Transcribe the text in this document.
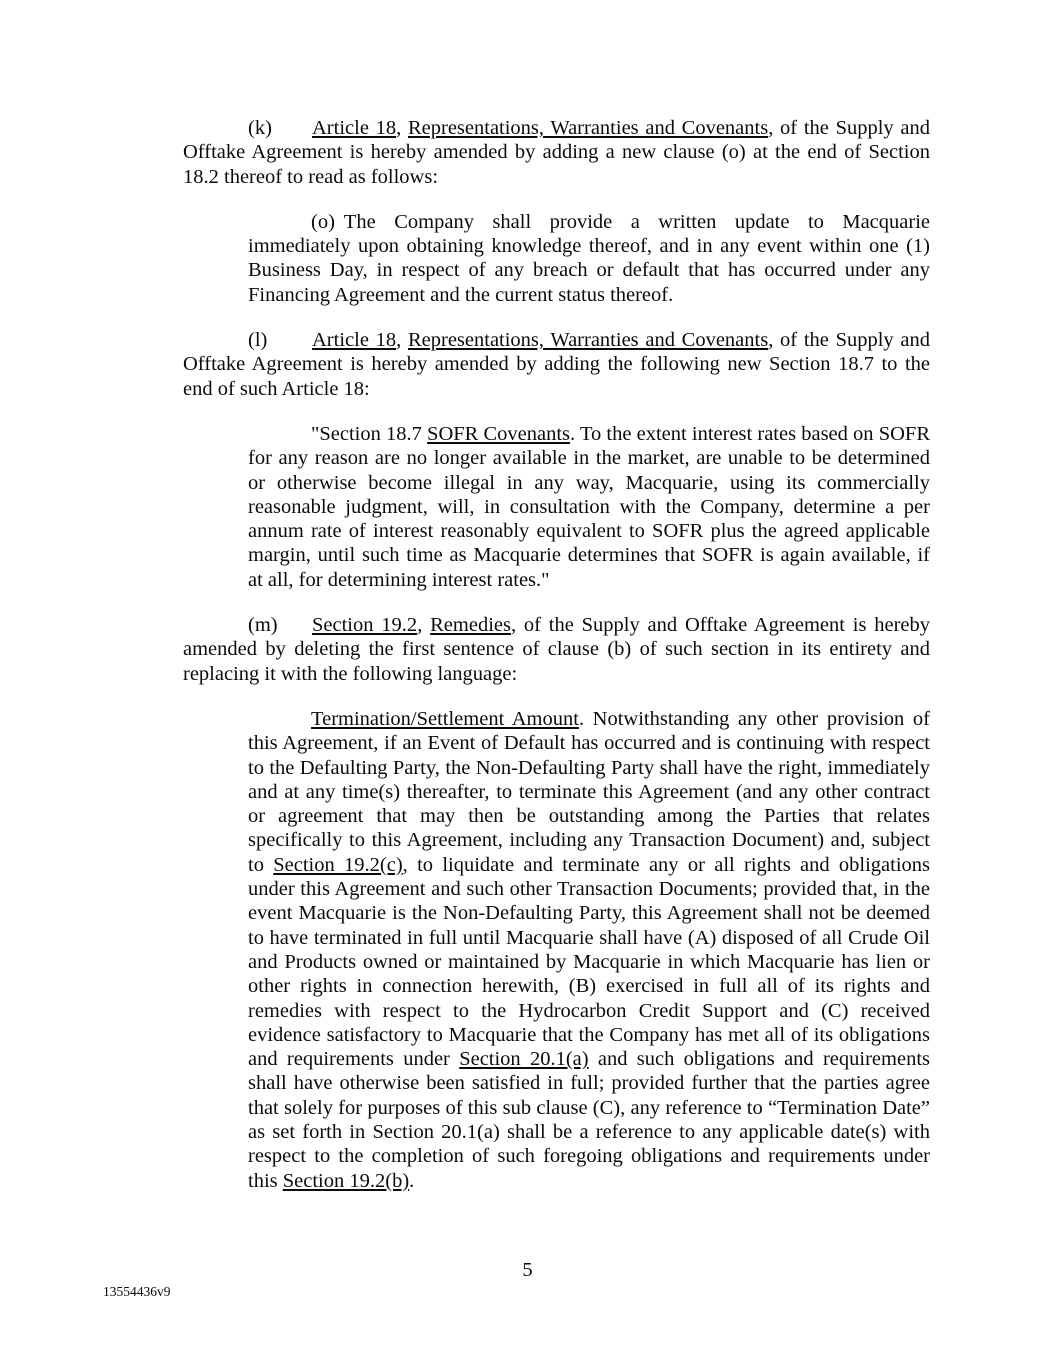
(k) Article 18, Representations, Warranties and Covenants, of the Supply and Offtake Agreement is hereby amended by adding a new clause (o) at the end of Section 18.2 thereof to read as follows:

(o) The Company shall provide a written update to Macquarie immediately upon obtaining knowledge thereof, and in any event within one (1) Business Day, in respect of any breach or default that has occurred under any Financing Agreement and the current status thereof.

(l) Article 18, Representations, Warranties and Covenants, of the Supply and Offtake Agreement is hereby amended by adding the following new Section 18.7 to the end of such Article 18:

"Section 18.7 SOFR Covenants. To the extent interest rates based on SOFR for any reason are no longer available in the market, are unable to be determined or otherwise become illegal in any way, Macquarie, using its commercially reasonable judgment, will, in consultation with the Company, determine a per annum rate of interest reasonably equivalent to SOFR plus the agreed applicable margin, until such time as Macquarie determines that SOFR is again available, if at all, for determining interest rates."

(m) Section 19.2, Remedies, of the Supply and Offtake Agreement is hereby amended by deleting the first sentence of clause (b) of such section in its entirety and replacing it with the following language:

Termination/Settlement Amount. Notwithstanding any other provision of this Agreement, if an Event of Default has occurred and is continuing with respect to the Defaulting Party, the Non-Defaulting Party shall have the right, immediately and at any time(s) thereafter, to terminate this Agreement (and any other contract or agreement that may then be outstanding among the Parties that relates specifically to this Agreement, including any Transaction Document) and, subject to Section 19.2(c), to liquidate and terminate any or all rights and obligations under this Agreement and such other Transaction Documents; provided that, in the event Macquarie is the Non-Defaulting Party, this Agreement shall not be deemed to have terminated in full until Macquarie shall have (A) disposed of all Crude Oil and Products owned or maintained by Macquarie in which Macquarie has lien or other rights in connection herewith, (B) exercised in full all of its rights and remedies with respect to the Hydrocarbon Credit Support and (C) received evidence satisfactory to Macquarie that the Company has met all of its obligations and requirements under Section 20.1(a) and such obligations and requirements shall have otherwise been satisfied in full; provided further that the parties agree that solely for purposes of this sub clause (C), any reference to “Termination Date” as set forth in Section 20.1(a) shall be a reference to any applicable date(s) with respect to the completion of such foregoing obligations and requirements under this Section 19.2(b).

5
13554436v9
